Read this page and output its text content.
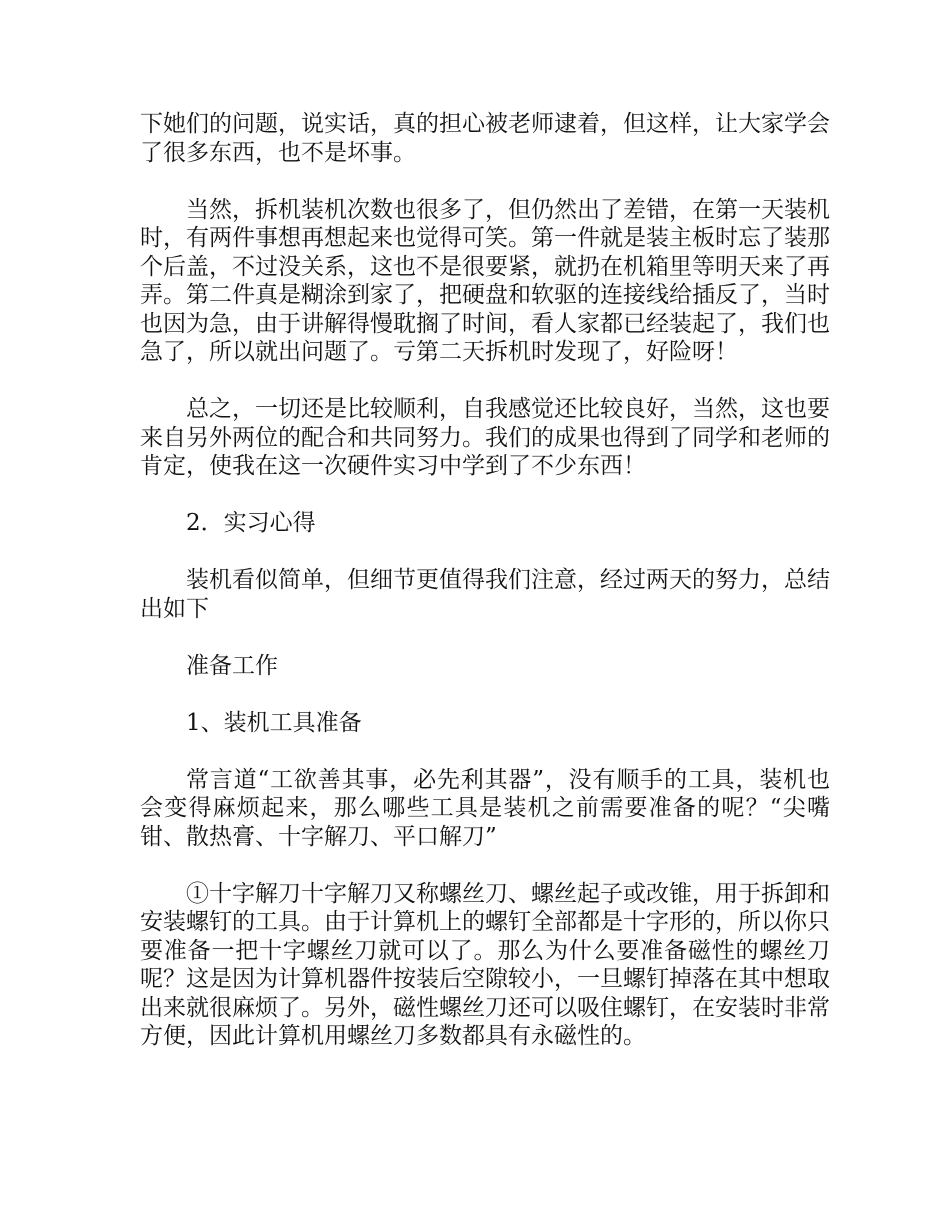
下她们的问题，说实话，真的担心被老师逮着，但这样，让大家学会了很多东西，也不是坏事。

当然，拆机装机次数也很多了，但仍然出了差错，在第一天装机时，有两件事想再想起来也觉得可笑。第一件就是装主板时忘了装那个后盖，不过没关系，这也不是很要紧，就扔在机箱里等明天来了再弄。第二件真是糊涂到家了，把硬盘和软驱的连接线给插反了，当时也因为急，由于讲解得慢耽搁了时间，看人家都已经装起了，我们也急了，所以就出问题了。亏第二天拆机时发现了，好险呀！

总之，一切还是比较顺利，自我感觉还比较良好，当然，这也要来自另外两位的配合和共同努力。我们的成果也得到了同学和老师的肯定，使我在这一次硬件实习中学到了不少东西！

2．实习心得

装机看似简单，但细节更值得我们注意，经过两天的努力，总结出如下

准备工作

1、装机工具准备

常言道“工欲善其事，必先利其器”，没有顺手的工具，装机也会变得麻烦起来，那么哪些工具是装机之前需要准备的呢？“尖嘴钳、散热膏、十字解刀、平口解刀”

①十字解刀十字解刀又称螺丝刀、螺丝起子或改锥，用于拆卸和安装螺钉的工具。由于计算机上的螺钉全部都是十字形的，所以你只要准备一把十字螺丝刀就可以了。那么为什么要准备磁性的螺丝刀呢？这是因为计算机器件按装后空隙较小，一旦螺钉掉落在其中想取出来就很麻烦了。另外，磁性螺丝刀还可以吸住螺钉，在安装时非常方便，因此计算机用螺丝刀多数都具有永磁性的。
